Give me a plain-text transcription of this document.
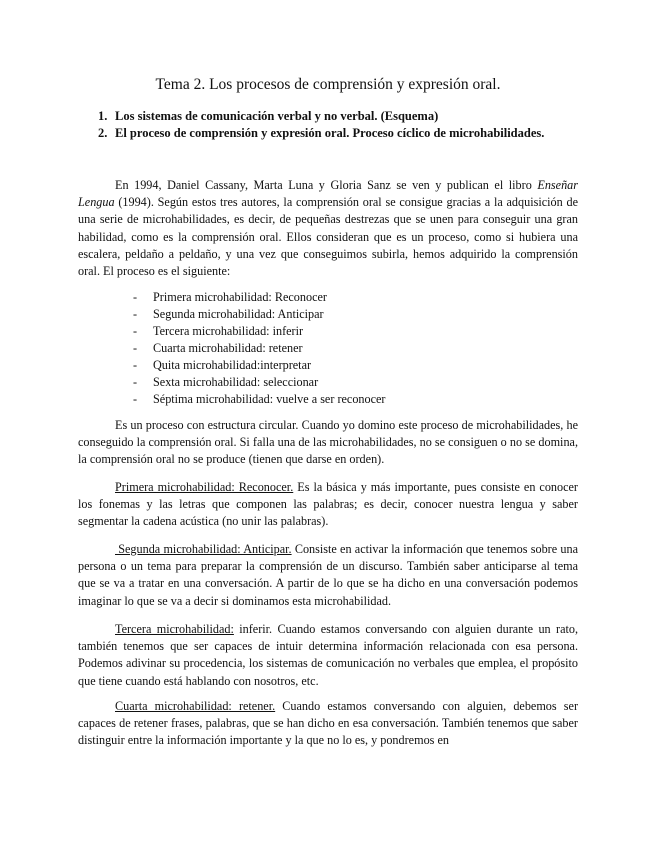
Tema 2. Los procesos de comprensión y expresión oral.
1. Los sistemas de comunicación verbal y no verbal. (Esquema)
2. El proceso de comprensión y expresión oral. Proceso cíclico de microhabilidades.

En 1994, Daniel Cassany, Marta Luna y Gloria Sanz se ven y publican el libro Enseñar Lengua (1994). Según estos tres autores, la comprensión oral se consigue gracias a la adquisición de una serie de microhabilidades, es decir, de pequeñas destrezas que se unen para conseguir una gran habilidad, como es la comprensión oral. Ellos consideran que es un proceso, como si hubiera una escalera, peldaño a peldaño, y una vez que conseguimos subirla, hemos adquirido la comprensión oral. El proceso es el siguiente:

- Primera microhabilidad: Reconocer
- Segunda microhabilidad: Anticipar
- Tercera microhabilidad: inferir
- Cuarta microhabilidad: retener
- Quita microhabilidad:interpretar
- Sexta microhabilidad: seleccionar
- Séptima microhabilidad: vuelve a ser reconocer

Es un proceso con estructura circular. Cuando yo domino este proceso de microhabilidades, he conseguido la comprensión oral. Si falla una de las microhabilidades, no se consiguen o no se domina, la comprensión oral no se produce (tienen que darse en orden).

Primera microhabilidad: Reconocer. Es la básica y más importante, pues consiste en conocer los fonemas y las letras que componen las palabras; es decir, conocer nuestra lengua y saber segmentar la cadena acústica (no unir las palabras).

Segunda microhabilidad: Anticipar. Consiste en activar la información que tenemos sobre una persona o un tema para preparar la comprensión de un discurso. También saber anticiparse al tema que se va a tratar en una conversación. A partir de lo que se ha dicho en una conversación podemos imaginar lo que se va a decir si dominamos esta microhabilidad.

Tercera microhabilidad: inferir. Cuando estamos conversando con alguien durante un rato, también tenemos que ser capaces de intuir determina información relacionada con esa persona. Podemos adivinar su procedencia, los sistemas de comunicación no verbales que emplea, el propósito que tiene cuando está hablando con nosotros, etc.

Cuarta microhabilidad: retener. Cuando estamos conversando con alguien, debemos ser capaces de retener frases, palabras, que se han dicho en esa conversación. También tenemos que saber distinguir entre la información importante y la que no lo es, y pondremos en
